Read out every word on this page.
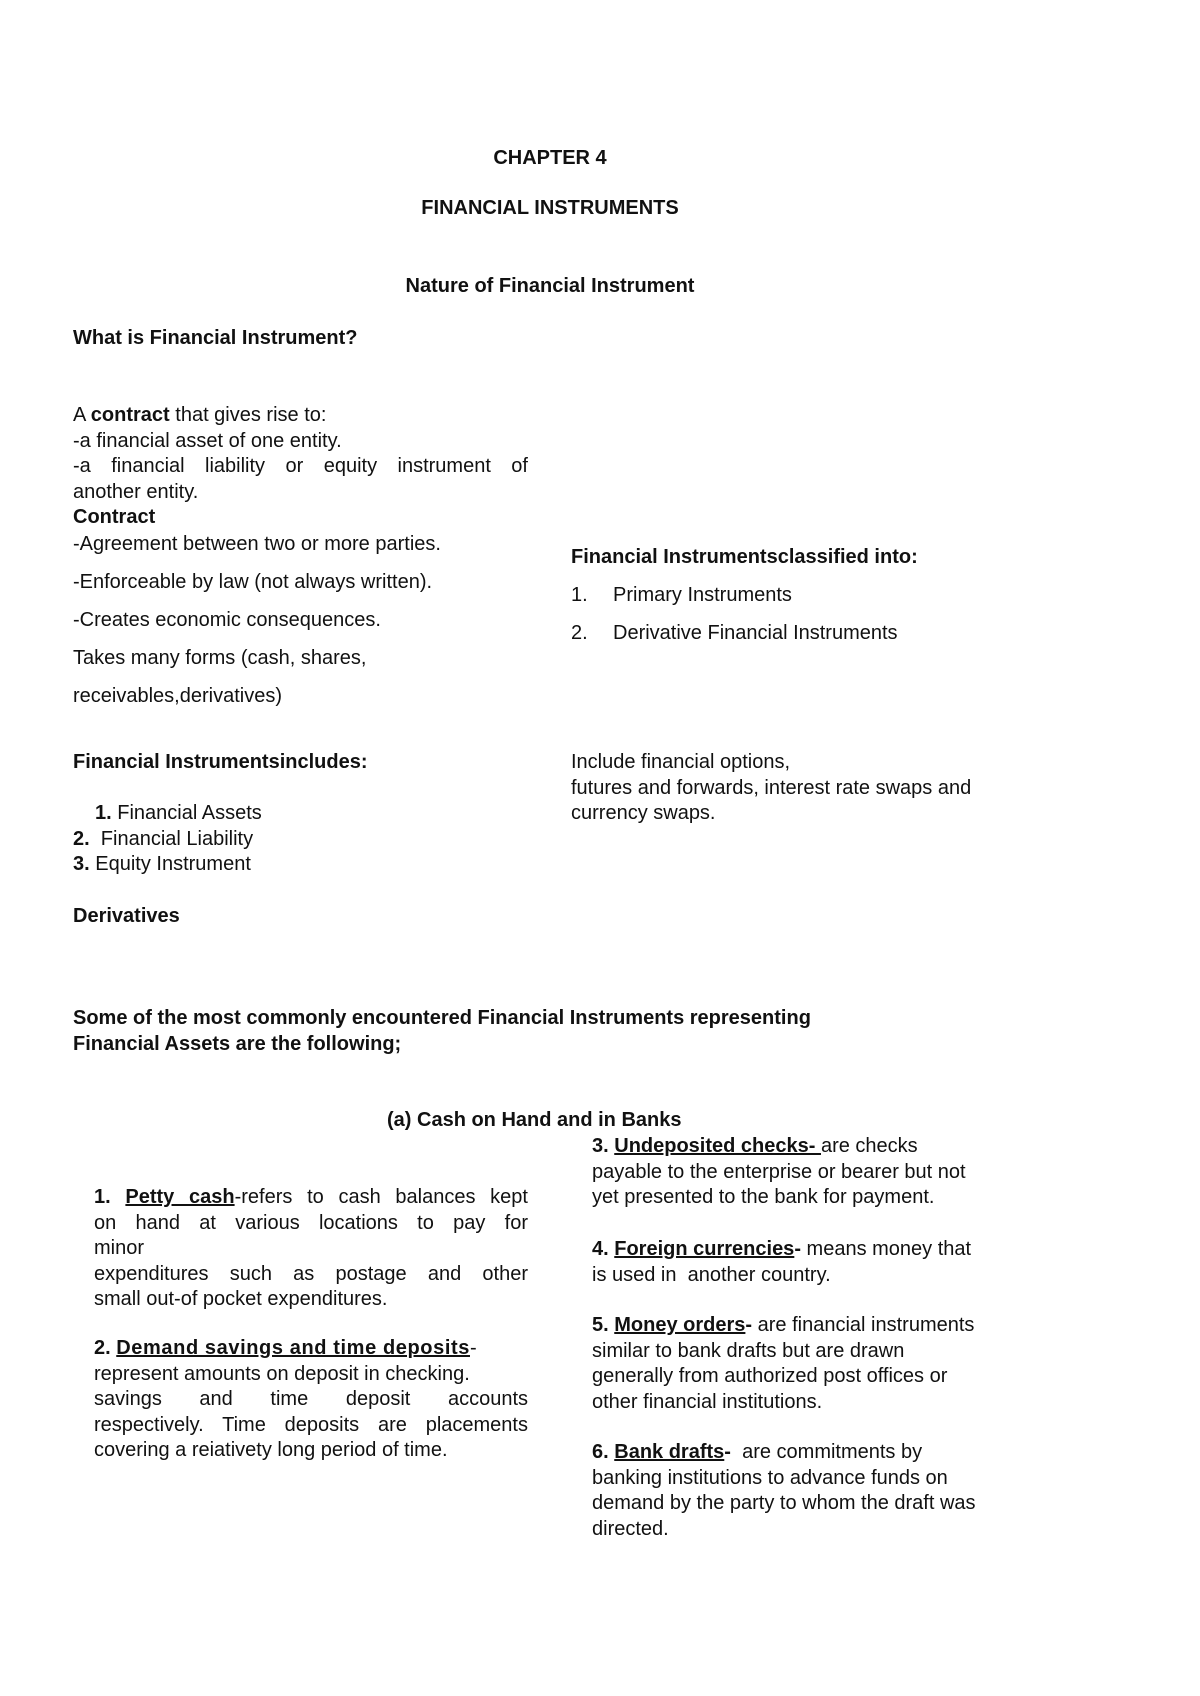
CHAPTER 4
FINANCIAL INSTRUMENTS
Nature of Financial Instrument
What is Financial Instrument?

A contract that gives rise to:

-a financial asset of one entity.

-a financial liability or equity instrument of

another entity.

Contract

-Agreement between two or more parties.

-Enforceable by law (not always written).

-Creates economic consequences.

Takes many forms (cash, shares,

receivables,derivatives)

Financial Instrumentsclassified into:
1.	Primary Instruments
2.	Derivative Financial Instruments
Financial Instrumentsincludes:

1. Financial Assets

2.  Financial Liability

3. Equity Instrument

Include financial options,

futures and forwards, interest rate swaps and

currency swaps.

Derivatives

Some of the most commonly encountered Financial Instruments representing

Financial Assets are the following;

(a) Cash on Hand and in Banks

1. Petty cash-refers to cash balances kept

on hand at various locations to pay for

minor

expenditures such as postage and other

small out-of pocket expenditures.

2. Demand savings and time deposits-

represent amounts on deposit in checking.

savings and time deposit accounts

respectively. Time deposits are placements

covering a reiativety long period of time.

3. Undeposited checks- are checks

payable to the enterprise or bearer but not

yet presented to the bank for payment.

4. Foreign currencies- means money that

is used in  another country.

5. Money orders- are financial instruments

similar to bank drafts but are drawn

generally from authorized post offices or

other financial institutions.

6. Bank drafts-  are commitments by

banking institutions to advance funds on

demand by the party to whom the draft was

directed.
